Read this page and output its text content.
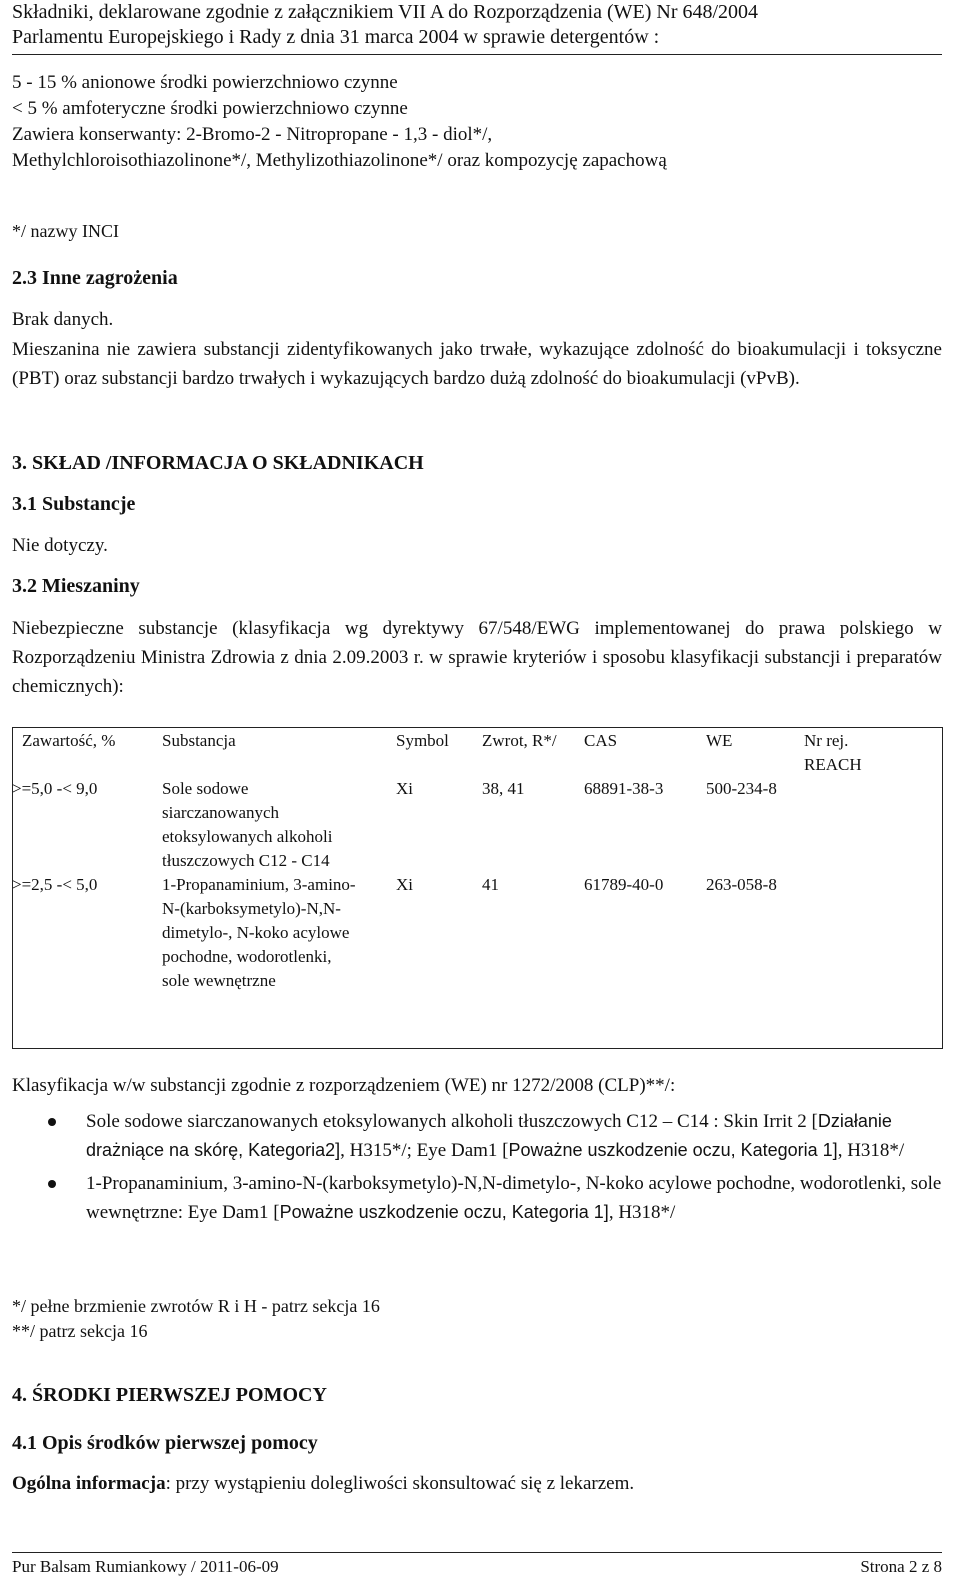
Składniki, deklarowane zgodnie z załącznikiem VII A do Rozporządzenia (WE) Nr 648/2004
Parlamentu Europejskiego i Rady z dnia 31 marca 2004 w sprawie detergentów :
5 - 15 % anionowe środki powierzchniowo czynne
< 5 % amfoteryczne środki powierzchniowo czynne
Zawiera konserwanty: 2-Bromo-2 - Nitropropane - 1,3 - diol*/,
Methylchloroisothiazolinone*/, Methylizothiazolinone*/ oraz kompozycję zapachową
*/ nazwy INCI
2.3 Inne zagrożenia
Brak danych.
Mieszanina nie zawiera substancji zidentyfikowanych jako trwałe, wykazujące zdolność do bioakumulacji i toksyczne (PBT) oraz substancji bardzo trwałych i wykazujących bardzo dużą zdolność do bioakumulacji (vPvB).
3. SKŁAD /INFORMACJA O SKŁADNIKACH
3.1 Substancje
Nie dotyczy.
3.2 Mieszaniny
Niebezpieczne substancje (klasyfikacja wg dyrektywy 67/548/EWG implementowanej do prawa polskiego w Rozporządzeniu Ministra Zdrowia z dnia 2.09.2003 r. w sprawie kryteriów i sposobu klasyfikacji substancji i preparatów chemicznych):
Zawartość, %	Substancja	Symbol	Zwrot, R*/	CAS	WE	Nr rej. REACH
>=5,0 -< 9,0	Sole sodowe siarczanowanych etoksylowanych alkoholi tłuszczowych C12 - C14	Xi	38, 41	68891-38-3	500-234-8	
>=2,5 -< 5,0	1-Propanaminium, 3-amino-N-(karboksymetylo)-N,N-dimetylo-, N-koko acylowe pochodne, wodorotlenki, sole wewnętrzne	Xi	41	61789-40-0	263-058-8	
Klasyfikacja w/w substancji zgodnie z rozporządzeniem (WE) nr 1272/2008 (CLP)**/:
Sole sodowe siarczanowanych etoksylowanych alkoholi tłuszczowych C12 – C14 : Skin Irrit 2 [Działanie drażniące na skórę, Kategoria2], H315*/; Eye Dam1 [Poważne uszkodzenie oczu, Kategoria 1], H318*/
1-Propanaminium, 3-amino-N-(karboksymetylo)-N,N-dimetylo-, N-koko acylowe pochodne, wodorotlenki, sole wewnętrzne: Eye Dam1 [Poważne uszkodzenie oczu, Kategoria 1], H318*/
*/ pełne brzmienie zwrotów R i H - patrz sekcja 16
**/ patrz sekcja 16
4. ŚRODKI PIERWSZEJ POMOCY
4.1 Opis środków pierwszej pomocy
Ogólna informacja: przy wystąpieniu dolegliwości skonsultować się z lekarzem.
Pur Balsam Rumiankowy / 2011-06-09	Strona 2 z 8
